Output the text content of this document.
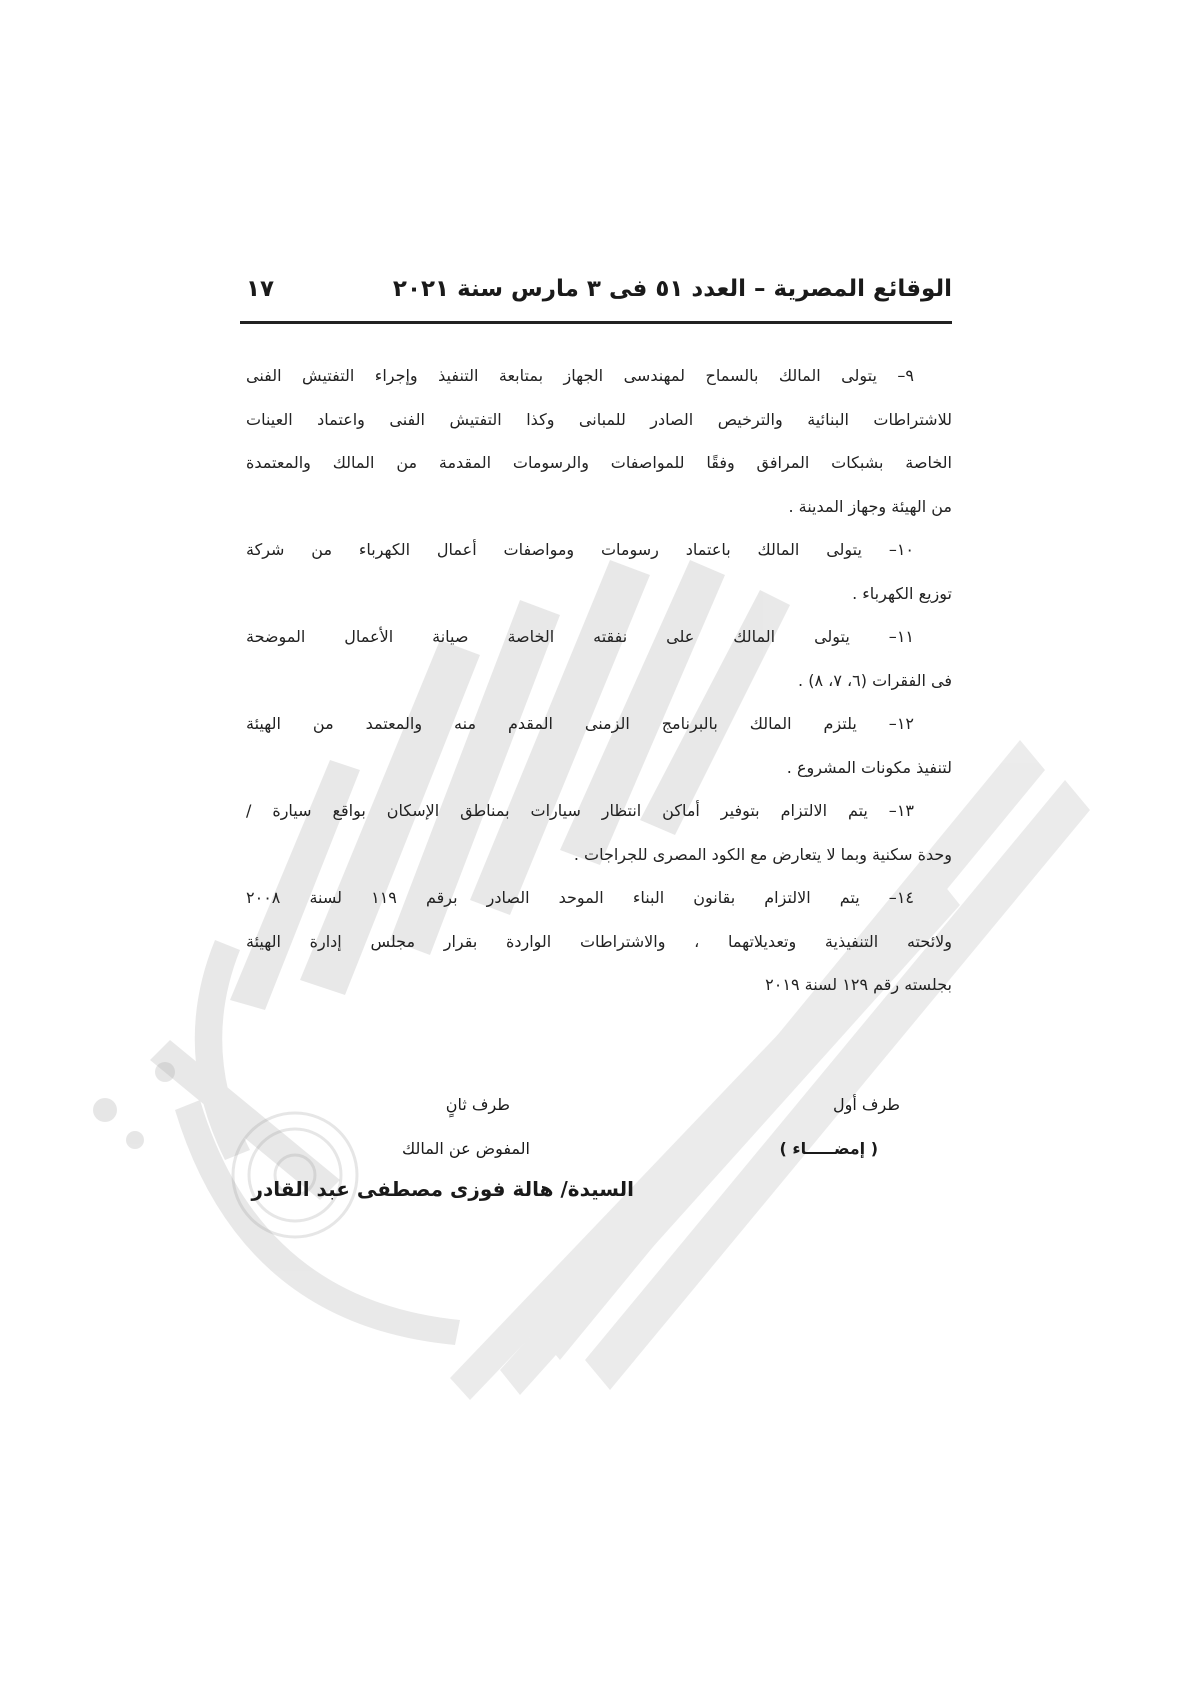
الوقائع المصرية – العدد ٥١ فى ٣ مارس سنة ٢٠٢١
١٧

٩– يتولى المالك بالسماح لمهندسى الجهاز بمتابعة التنفيذ وإجراء التفتيش الفنى
للاشتراطات البنائية والترخيص الصادر للمبانى وكذا التفتيش الفنى واعتماد العينات
الخاصة بشبكات المرافق وفقًا للمواصفات والرسومات المقدمة من المالك والمعتمدة
من الهيئة وجهاز المدينة .

١٠– يتولى المالك باعتماد رسومات ومواصفات أعمال الكهرباء من شركة
توزيع الكهرباء .

١١– يتولى المالك على نفقته الخاصة صيانة الأعمال الموضحة
فى الفقرات (٦، ٧، ٨) .

١٢– يلتزم المالك بالبرنامج الزمنى المقدم منه والمعتمد من الهيئة
لتنفيذ مكونات المشروع .

١٣– يتم الالتزام بتوفير أماكن انتظار سيارات بمناطق الإسكان بواقع سيارة /
وحدة سكنية وبما لا يتعارض مع الكود المصرى للجراجات .

١٤– يتم الالتزام بقانون البناء الموحد الصادر برقم ١١٩ لسنة ٢٠٠٨
ولائحته التنفيذية وتعديلاتهما ، والاشتراطات الواردة بقرار مجلس إدارة الهيئة
بجلسته رقم ١٢٩ لسنة ٢٠١٩

طرف أول
( إمضـــــاء )
طرف ثانٍ
المفوض عن المالك
السيدة/ هالة فوزى مصطفى عبد القادر
